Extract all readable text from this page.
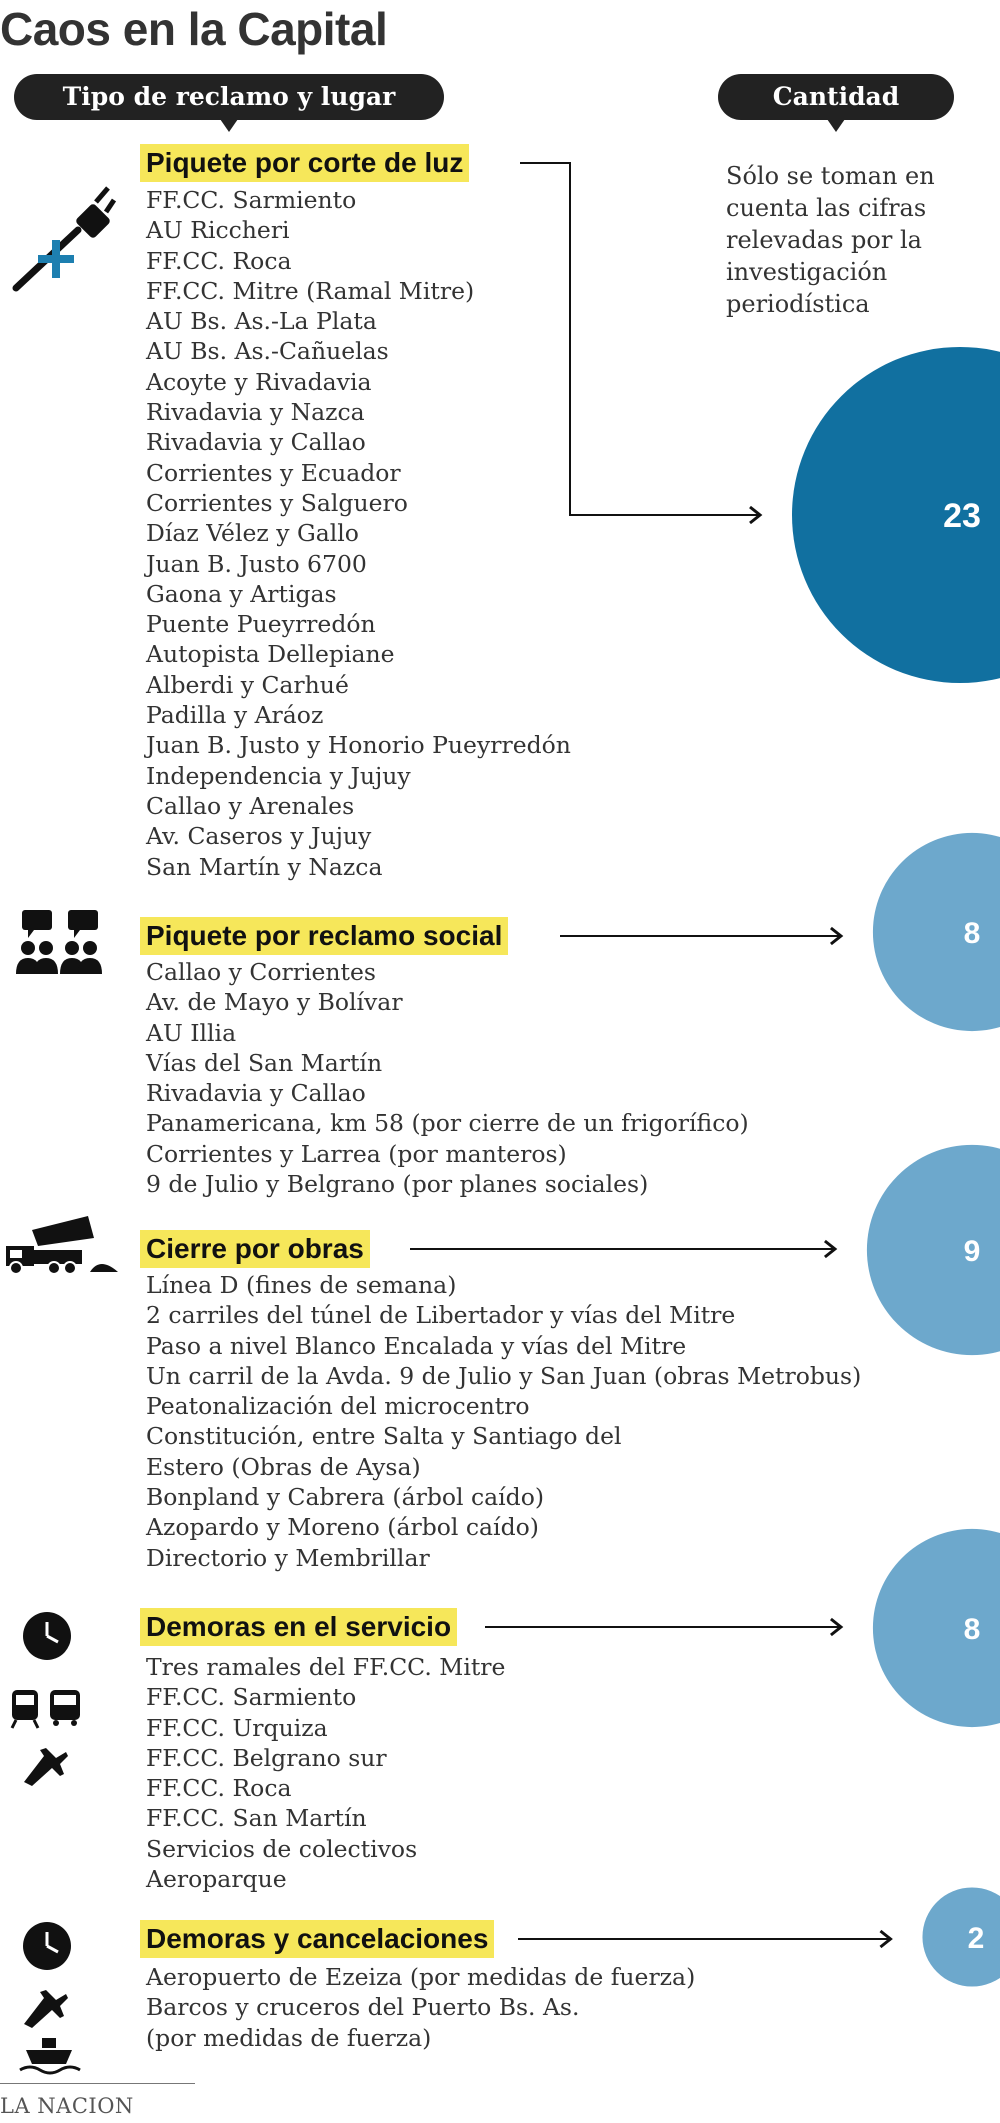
Caos en la Capital
Tipo de reclamo y lugar	Cantidad
Sólo se toman en cuenta las cifras relevadas por la investigación periodística
23
8
9
8
2
Piquete por corte de luz
FF.CC. Sarmiento
AU Riccheri
FF.CC. Roca
FF.CC. Mitre (Ramal Mitre)
AU Bs. As.-La Plata
AU Bs. As.-Cañuelas
Acoyte y Rivadavia
Rivadavia y Nazca
Rivadavia y Callao
Corrientes y Ecuador
Corrientes y Salguero
Díaz Vélez y Gallo
Juan B. Justo 6700
Gaona y Artigas
Puente Pueyrredón
Autopista Dellepiane
Alberdi y Carhué
Padilla y Aráoz
Juan B. Justo y Honorio Pueyrredón
Independencia y Jujuy
Callao y Arenales
Av. Caseros y Jujuy
San Martín y Nazca
Piquete por reclamo social
Callao y Corrientes
Av. de Mayo y Bolívar
AU Illia
Vías del San Martín
Rivadavia y Callao
Panamericana, km 58 (por cierre de un frigorífico)
Corrientes y Larrea (por manteros)
9 de Julio y Belgrano (por planes sociales)
Cierre por obras
Línea D (fines de semana)
2 carriles del túnel de Libertador y vías del Mitre
Paso a nivel Blanco Encalada y vías del Mitre
Un carril de la Avda. 9 de Julio y San Juan (obras Metrobus)
Peatonalización del microcentro
Constitución, entre Salta y Santiago del
Estero (Obras de Aysa)
Bonpland y Cabrera (árbol caído)
Azopardo y Moreno (árbol caído)
Directorio y Membrillar
Demoras en el servicio
Tres ramales del FF.CC. Mitre
FF.CC. Sarmiento
FF.CC. Urquiza
FF.CC. Belgrano sur
FF.CC. Roca
FF.CC. San Martín
Servicios de colectivos
Aeroparque
Demoras y cancelaciones
Aeropuerto de Ezeiza (por medidas de fuerza)
Barcos y cruceros del Puerto Bs. As.
(por medidas de fuerza)
LA NACION
